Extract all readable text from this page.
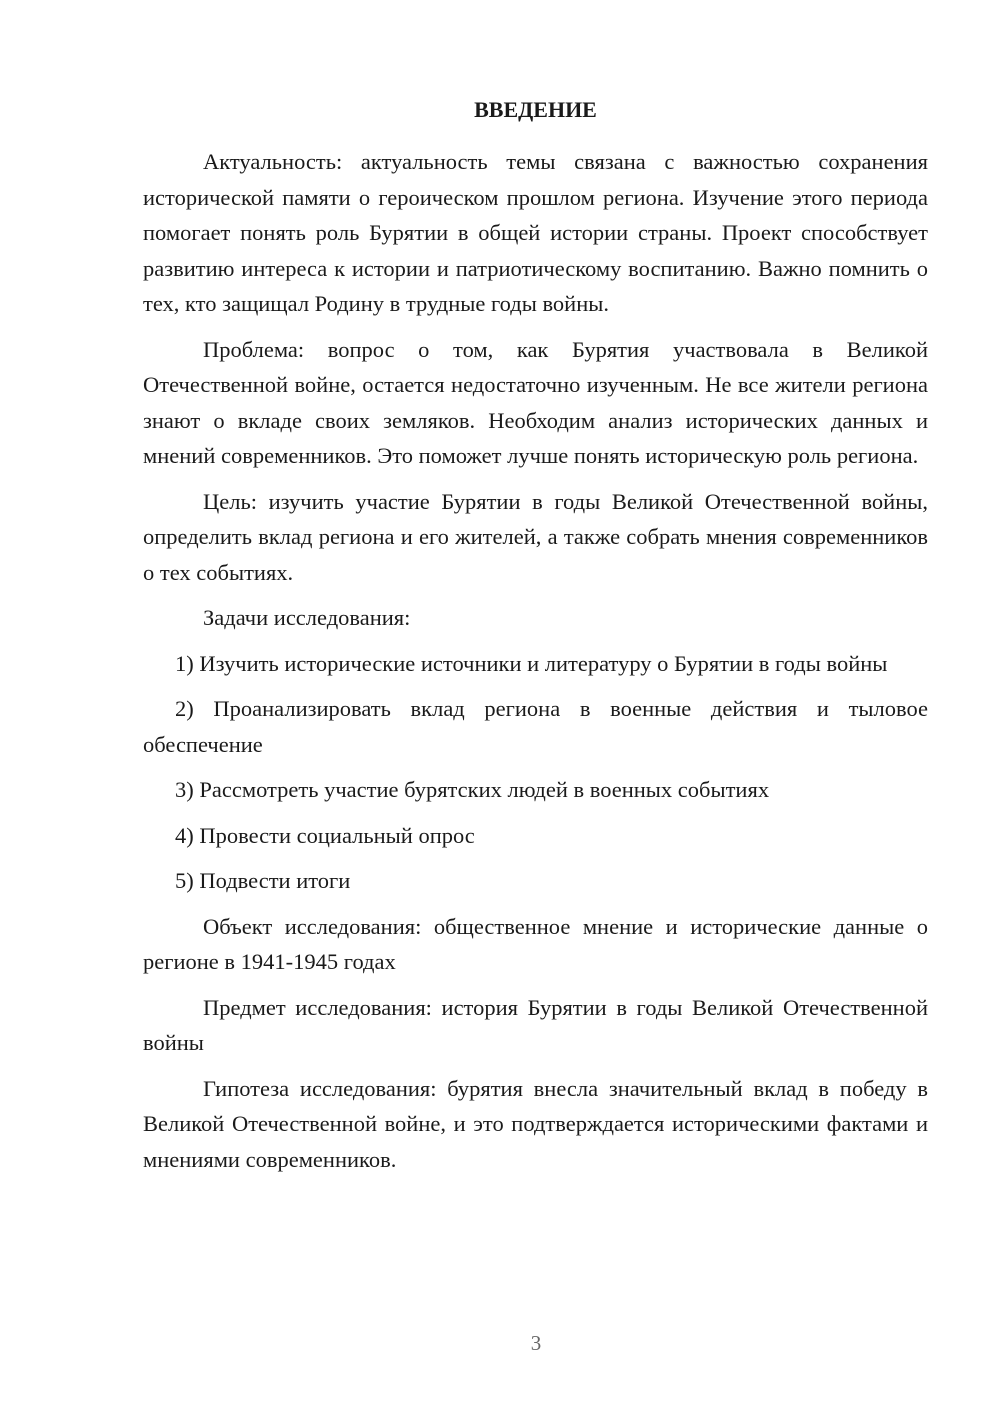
ВВЕДЕНИЕ

Актуальность: актуальность темы связана с важностью сохранения исторической памяти о героическом прошлом региона. Изучение этого периода помогает понять роль Бурятии в общей истории страны. Проект способствует развитию интереса к истории и патриотическому воспитанию. Важно помнить о тех, кто защищал Родину в трудные годы войны.

Проблема: вопрос о том, как Бурятия участвовала в Великой Отечественной войне, остается недостаточно изученным. Не все жители региона знают о вкладе своих земляков. Необходим анализ исторических данных и мнений современников. Это поможет лучше понять историческую роль региона.

Цель: изучить участие Бурятии в годы Великой Отечественной войны, определить вклад региона и его жителей, а также собрать мнения современников о тех событиях.

Задачи исследования:

1) Изучить исторические источники и литературу о Бурятии в годы войны

2) Проанализировать вклад региона в военные действия и тыловое обеспечение

3) Рассмотреть участие бурятских людей в военных событиях

4) Провести социальный опрос

5) Подвести итоги

Объект исследования: общественное мнение и исторические данные о регионе в 1941-1945 годах

Предмет исследования: история Бурятии в годы Великой Отечественной войны

Гипотеза исследования: бурятия внесла значительный вклад в победу в Великой Отечественной войне, и это подтверждается историческими фактами и мнениями современников.

3
